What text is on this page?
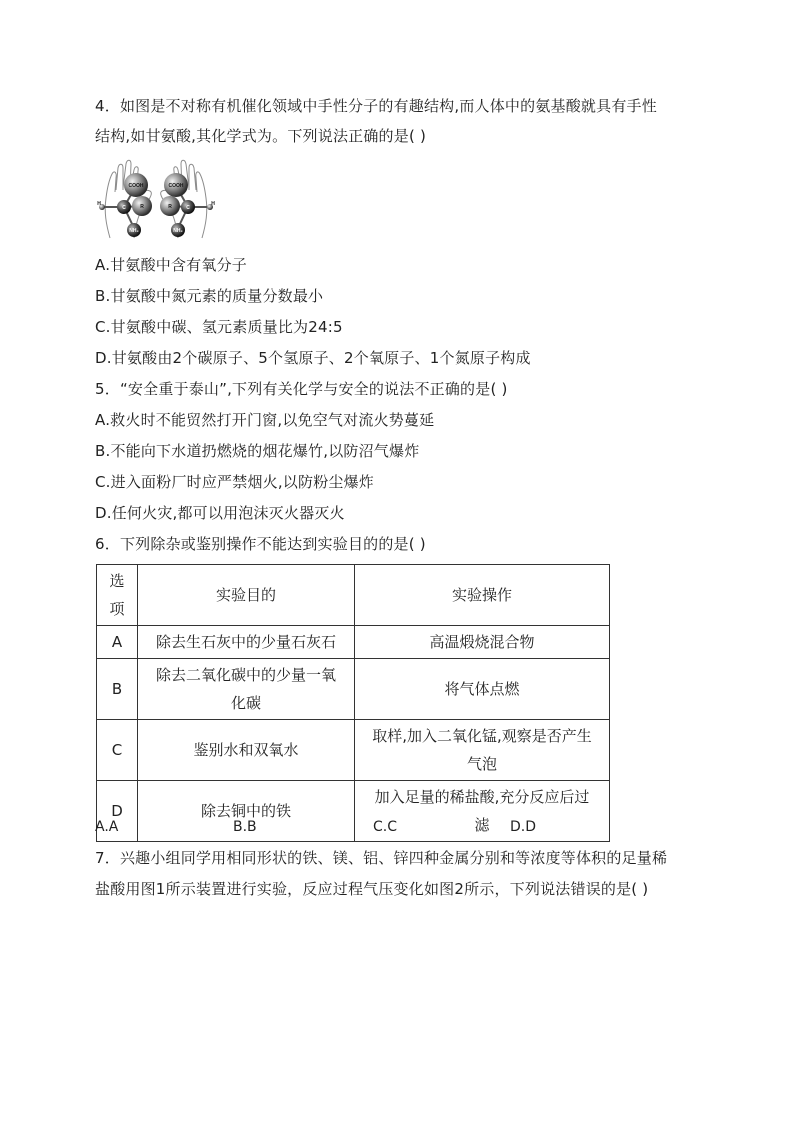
4．如图是不对称有机催化领域中手性分子的有趣结构,而人体中的氨基酸就具有手性
结构,如甘氨酸,其化学式为。下列说法正确的是( )
COOH
R
C
NH₂
H
COOH
R	C
NH₂
H
A.甘氨酸中含有氧分子
B.甘氨酸中氮元素的质量分数最小
C.甘氨酸中碳、氢元素质量比为24:5
D.甘氨酸由2个碳原子、5个氢原子、2个氧原子、1个氮原子构成
5．“安全重于泰山”,下列有关化学与安全的说法不正确的是( )
A.救火时不能贸然打开门窗,以免空气对流火势蔓延
B.不能向下水道扔燃烧的烟花爆竹,以防沼气爆炸
C.进入面粉厂时应严禁烟火,以防粉尘爆炸
D.任何火灾,都可以用泡沫灭火器灭火
6．下列除杂或鉴别操作不能达到实验目的的是( )
选项	实验目的	实验操作
A	除去生石灰中的少量石灰石	高温煅烧混合物
B	除去二氧化碳中的少量一氧
化碳	将气体点燃
C	鉴别水和双氧水	取样,加入二氧化锰,观察是否产生
气泡

D	除去铜中的铁	加入足量的稀盐酸,充分反应后过
滤
A.A	B.B	C.C	D.D
7．兴趣小组同学用相同形状的铁、镁、铝、锌四种金属分别和等浓度等体积的足量稀
盐酸用图1所示装置进行实验，反应过程气压变化如图2所示，下列说法错误的是( )
